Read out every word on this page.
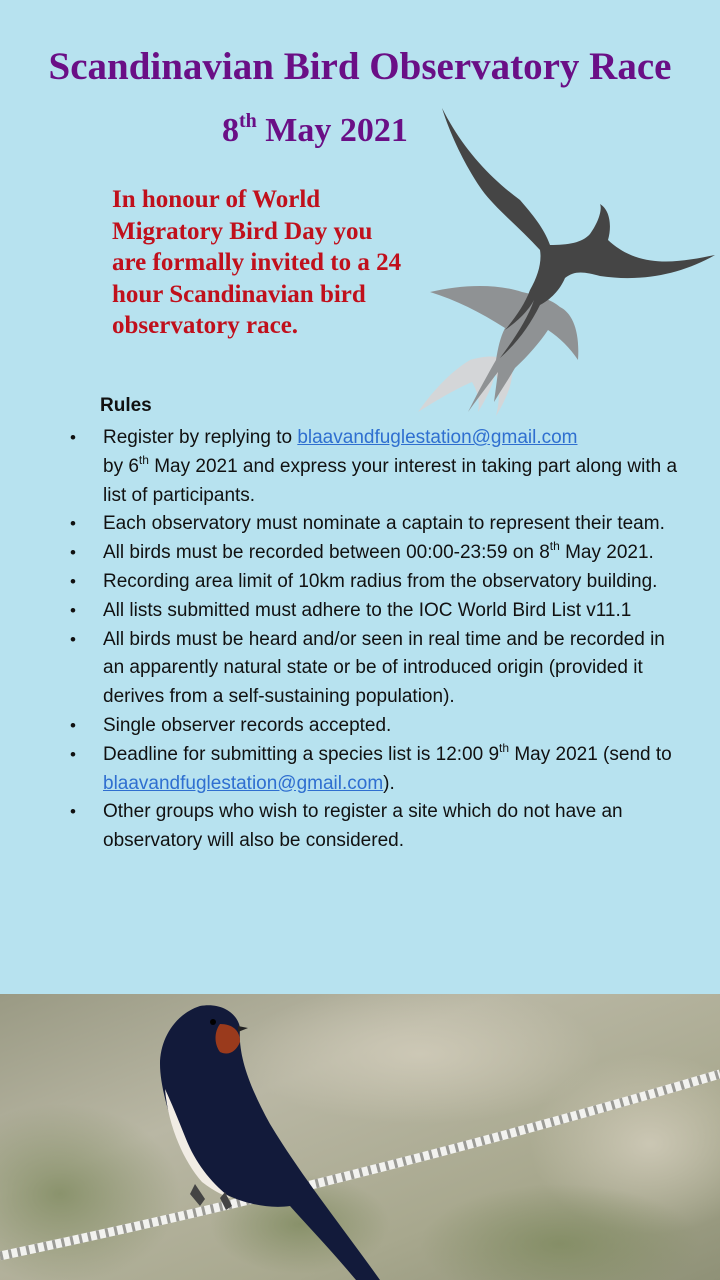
Scandinavian Bird Observatory Race
8th May 2021
In honour of World Migratory Bird Day you are formally invited to a 24 hour Scandinavian bird observatory race.
Rules
• Register by replying to blaavandfuglestation@gmail.com
by 6th May 2021 and express your interest in taking part along with a list of participants.
• Each observatory must nominate a captain to represent their team.
• All birds must be recorded between 00:00-23:59 on 8th May 2021.
• Recording area limit of 10km radius from the observatory building.
• All lists submitted must adhere to the IOC World Bird List v11.1
• All birds must be heard and/or seen in real time and be recorded in an apparently natural state or be of introduced origin (provided it derives from a self-sustaining population).
• Single observer records accepted.
• Deadline for submitting a species list is 12:00 9th May 2021 (send to blaavandfuglestation@gmail.com).
• Other groups who wish to register a site which do not have an observatory will also be considered.
